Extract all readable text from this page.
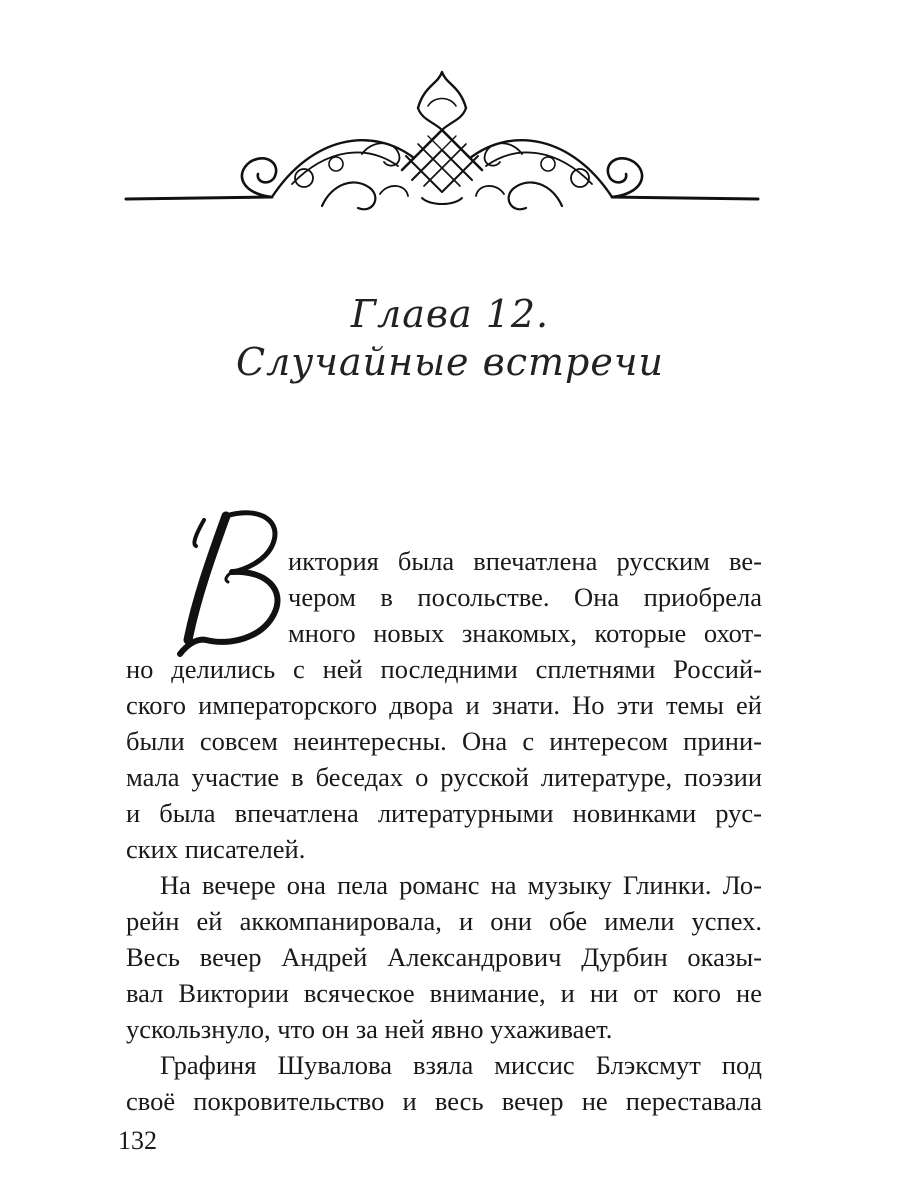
Глава 12.
Случайные встречи
иктория была впечатлена русским ве-
чером в посольстве. Она приобрела
много новых знакомых, которые охот-
но делились с ней последними сплетнями Россий-
ского императорского двора и знати. Но эти темы ей
были совсем неинтересны. Она с интересом прини-
мала участие в беседах о русской литературе, поэзии
и была впечатлена литературными новинками рус-
ских писателей.
На вечере она пела романс на музыку Глинки. Ло-
рейн ей аккомпанировала, и они обе имели успех.
Весь вечер Андрей Александрович Дурбин оказы-
вал Виктории всяческое внимание, и ни от кого не
ускользнуло, что он за ней явно ухаживает.
Графиня Шувалова взяла миссис Блэксмут под
своё покровительство и весь вечер не переставала
132
